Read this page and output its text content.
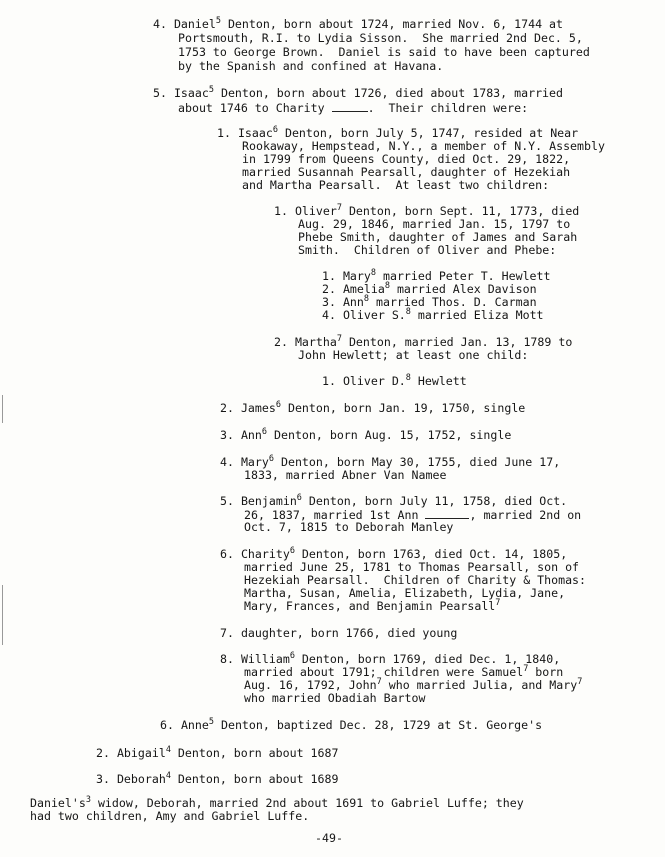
4. Daniel$^5$ Denton, born about 1724, married Nov. 6, 1744 at
Portsmouth, R.I. to Lydia Sisson.  She married 2nd Dec. 5,
1753 to George Brown.  Daniel is said to have been captured
by the Spanish and confined at Havana.
5. Isaac$^5$ Denton, born about 1726, died about 1783, married
about 1746 to Charity	.  Their children were:
1. Isaac$^6$ Denton, born July 5, 1747, resided at Near
Rookaway, Hempstead, N.Y., a member of N.Y. Assembly
in 1799 from Queens County, died Oct. 29, 1822,
married Susannah Pearsall, daughter of Hezekiah
and Martha Pearsall.  At least two children:
1. Oliver$^7$ Denton, born Sept. 11, 1773, died
Aug. 29, 1846, married Jan. 15, 1797 to
Phebe Smith, daughter of James and Sarah
Smith.  Children of Oliver and Phebe:
1. Mary$^8$ married Peter T. Hewlett
2. Amelia$^8$ married Alex Davison
3. Ann$^8$ married Thos. D. Carman
4. Oliver S.$^8$ married Eliza Mott
2. Martha$^7$ Denton, married Jan. 13, 1789 to
John Hewlett; at least one child:
1. Oliver D.$^8$ Hewlett
2. James$^6$ Denton, born Jan. 19, 1750, single
3. Ann$^6$ Denton, born Aug. 15, 1752, single
4. Mary$^6$ Denton, born May 30, 1755, died June 17,
1833, married Abner Van Namee
5. Benjamin$^6$ Denton, born July 11, 1758, died Oct.
26, 1837, married 1st Ann	, married 2nd on
Oct. 7, 1815 to Deborah Manley
6. Charity$^6$ Denton, born 1763, died Oct. 14, 1805,
married June 25, 1781 to Thomas Pearsall, son of
Hezekiah Pearsall.  Children of Charity & Thomas:
Martha, Susan, Amelia, Elizabeth, Lydia, Jane,
Mary, Frances, and Benjamin Pearsall$^7$
7. daughter, born 1766, died young
8. William$^6$ Denton, born 1769, died Dec. 1, 1840,
married about 1791; children were Samuel$^7$ born
Aug. 16, 1792, John$^7$ who married Julia, and Mary$^7$
who married Obadiah Bartow
6. Anne$^5$ Denton, baptized Dec. 28, 1729 at St. George's
2. Abigail$^4$ Denton, born about 1687
3. Deborah$^4$ Denton, born about 1689
$Daniel's^3$ widow, Deborah, married 2nd about 1691 to Gabriel Luffe; they
had two children, Amy and Gabriel Luffe.
-49-
